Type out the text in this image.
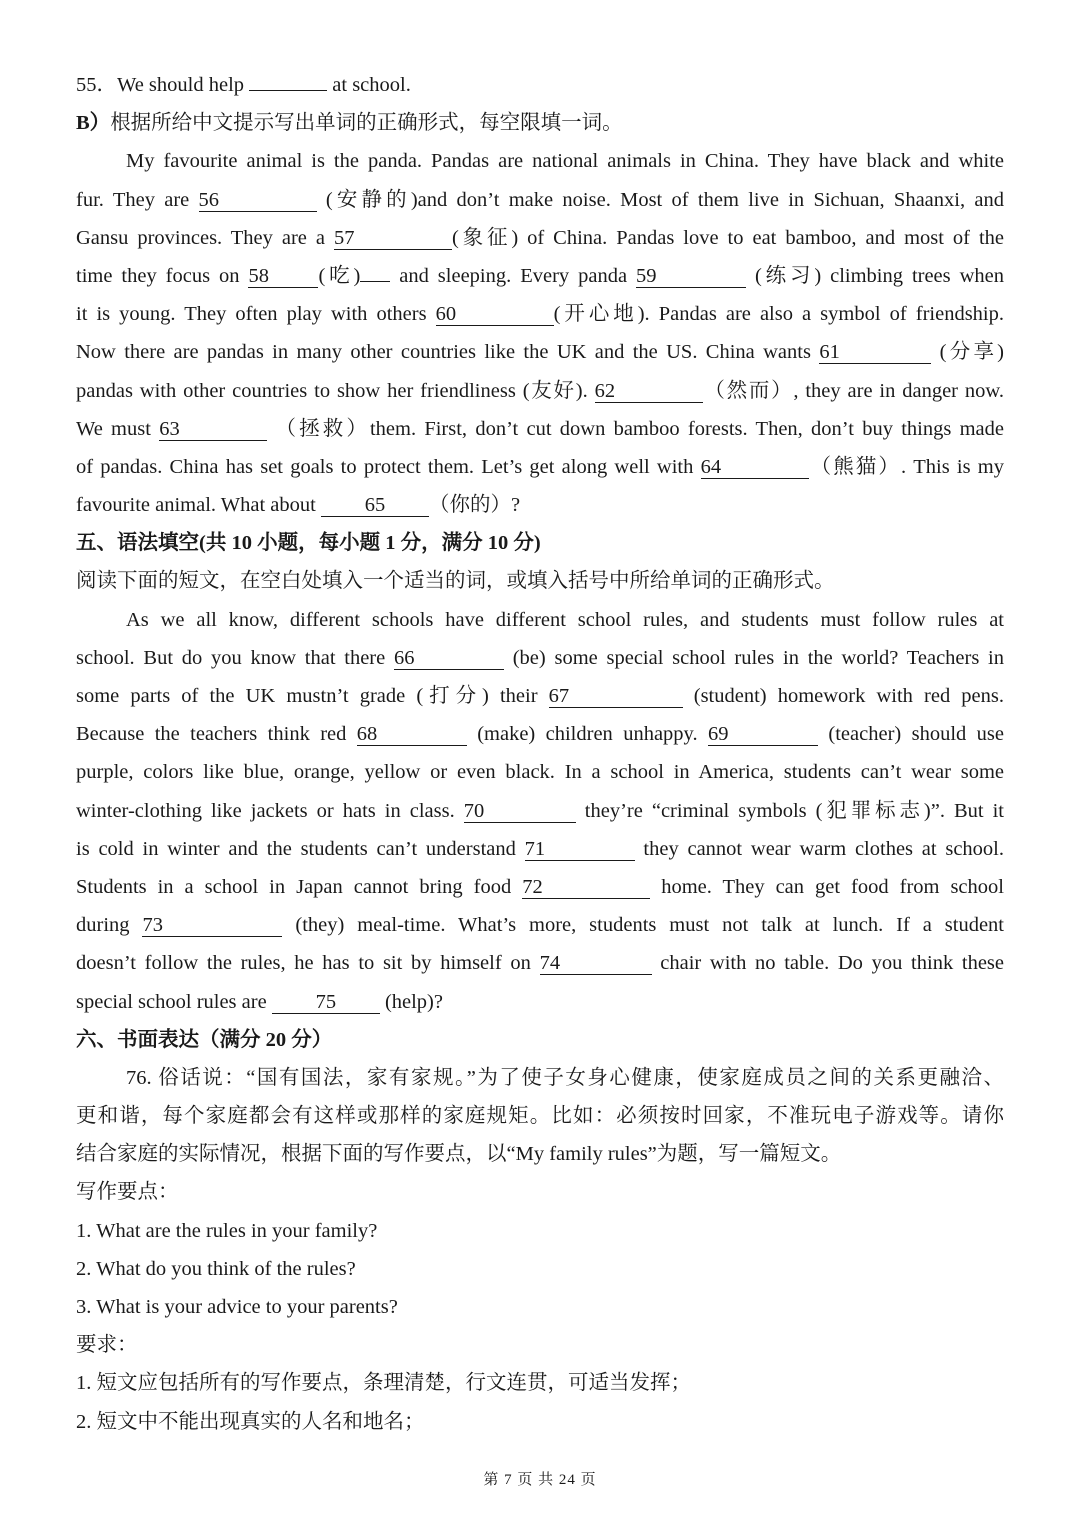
55．We should help	at school.
B）根据所给中文提示写出单词的正确形式，每空限填一词。
My favourite animal is the panda. Pandas are national animals in China. They have black and white
fur. They are 56	(安静的)and don’t make noise. Most of them live in Sichuan, Shaanxi, and
Gansu provinces. They are a 57	(象征) of China. Pandas love to eat bamboo, and most of the
time they focus on 58 (吃) and sleeping. Every panda 59	(练习) climbing trees when
it is young. They often play with others 60	(开心地). Pandas are also a symbol of friendship.
Now there are pandas in many other countries like the UK and the US. China wants 61	(分享)
pandas with other countries to show her friendliness (友好). 62	（然而）, they are in danger now.
We must 63	（拯救）them. First, don’t cut down bamboo forests. Then, don’t buy things made
of pandas. China has set goals to protect them. Let’s get along well with 64	（熊猫）. This is my
favourite animal. What about 65 （你的）?
五、语法填空(共 10 小题，每小题 1 分，满分 10 分)
阅读下面的短文，在空白处填入一个适当的词，或填入括号中所给单词的正确形式。
As we all know, different schools have different school rules, and students must follow rules at
school. But do you know that there 66	(be) some special school rules in the world? Teachers in
some parts of the UK mustn’t grade (打分) their 67	(student) homework with red pens.
Because the teachers think red 68	(make) children unhappy. 69	(teacher) should use
purple, colors like blue, orange, yellow or even black. In a school in America, students can’t wear some
winter-clothing like jackets or hats in class. 70	they’re “criminal symbols (犯罪标志)”. But it
is cold in winter and the students can’t understand 71	they cannot wear warm clothes at school.
Students in a school in Japan cannot bring food 72	home. They can get food from school
during 73	(they) meal-time. What’s more, students must not talk at lunch. If a student
doesn’t follow the rules, he has to sit by himself on 74	chair with no table. Do you think these
special school rules are 75 (help)?
六、书面表达（满分 20 分）
76. 俗话说：“国有国法，家有家规。”为了使子女身心健康，使家庭成员之间的关系更融洽、
更和谐，每个家庭都会有这样或那样的家庭规矩。比如：必须按时回家，不准玩电子游戏等。请你
结合家庭的实际情况，根据下面的写作要点，以“My family rules”为题，写一篇短文。
写作要点：
1. What are the rules in your family?
2. What do you think of the rules?
3. What is your advice to your parents?
要求：
1. 短文应包括所有的写作要点，条理清楚，行文连贯，可适当发挥；
2. 短文中不能出现真实的人名和地名；
第 7 页 共 24 页
